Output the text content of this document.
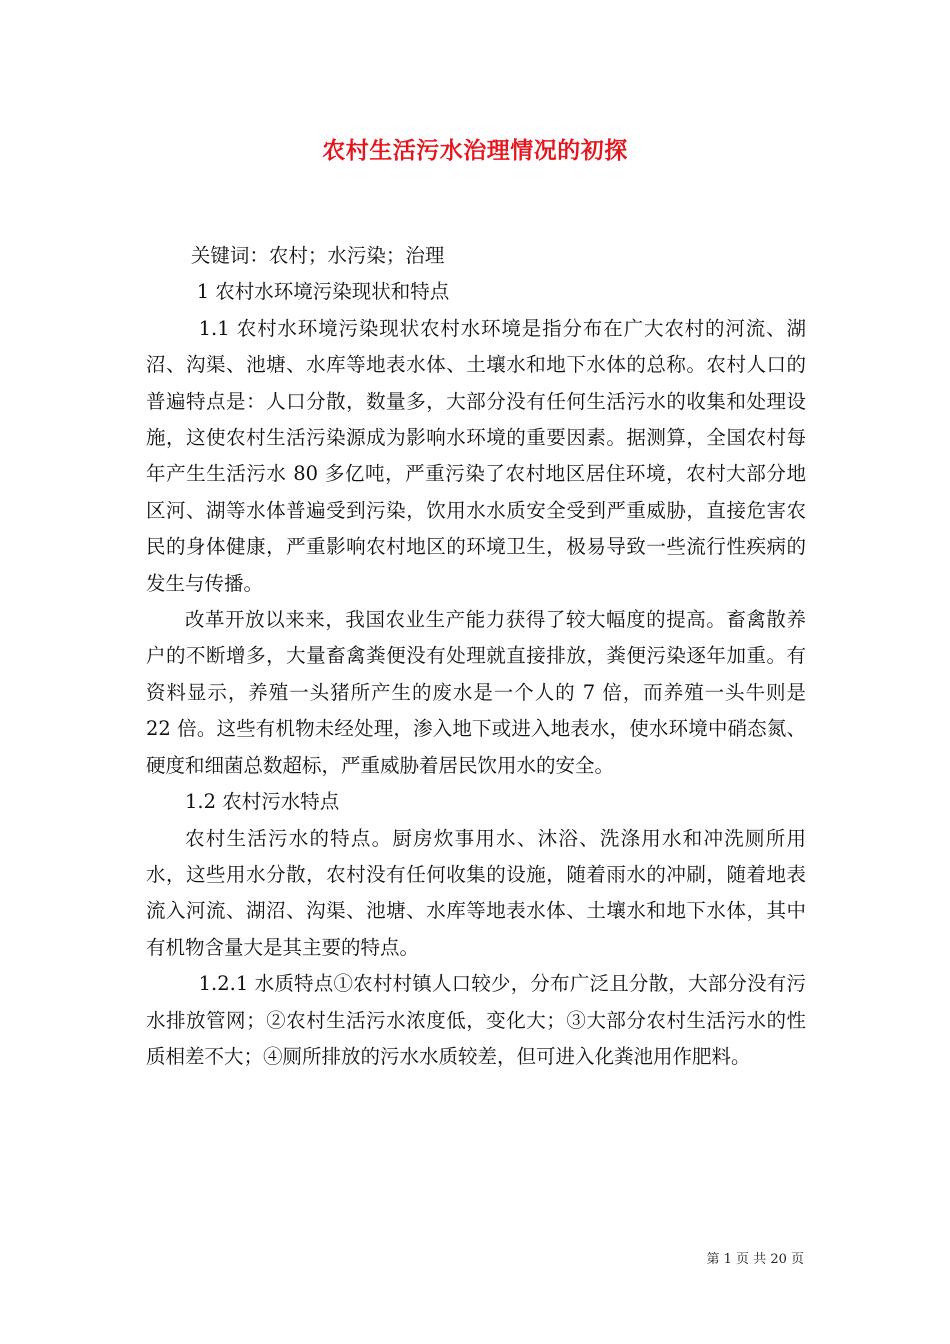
农村生活污水治理情况的初探

关键词：农村；水污染；治理

1 农村水环境污染现状和特点

1.1 农村水环境污染现状农村水环境是指分布在广大农村的河流、湖沼、沟渠、池塘、水库等地表水体、土壤水和地下水体的总称。农村人口的普遍特点是：人口分散，数量多，大部分没有任何生活污水的收集和处理设施，这使农村生活污染源成为影响水环境的重要因素。据测算，全国农村每年产生生活污水 80 多亿吨，严重污染了农村地区居住环境，农村大部分地区河、湖等水体普遍受到污染，饮用水水质安全受到严重威胁，直接危害农民的身体健康，严重影响农村地区的环境卫生，极易导致一些流行性疾病的发生与传播。

改革开放以来来，我国农业生产能力获得了较大幅度的提高。畜禽散养户的不断增多，大量畜禽粪便没有处理就直接排放，粪便污染逐年加重。有资料显示，养殖一头猪所产生的废水是一个人的 7 倍，而养殖一头牛则是 22 倍。这些有机物未经处理，渗入地下或进入地表水，使水环境中硝态氮、硬度和细菌总数超标，严重威胁着居民饮用水的安全。

1.2 农村污水特点

农村生活污水的特点。厨房炊事用水、沐浴、洗涤用水和冲洗厕所用水，这些用水分散，农村没有任何收集的设施，随着雨水的冲刷，随着地表流入河流、湖沼、沟渠、池塘、水库等地表水体、土壤水和地下水体，其中有机物含量大是其主要的特点。

1.2.1 水质特点①农村村镇人口较少，分布广泛且分散，大部分没有污水排放管网；②农村生活污水浓度低，变化大；③大部分农村生活污水的性质相差不大；④厕所排放的污水水质较差，但可进入化粪池用作肥料。

第 1 页 共 20 页
